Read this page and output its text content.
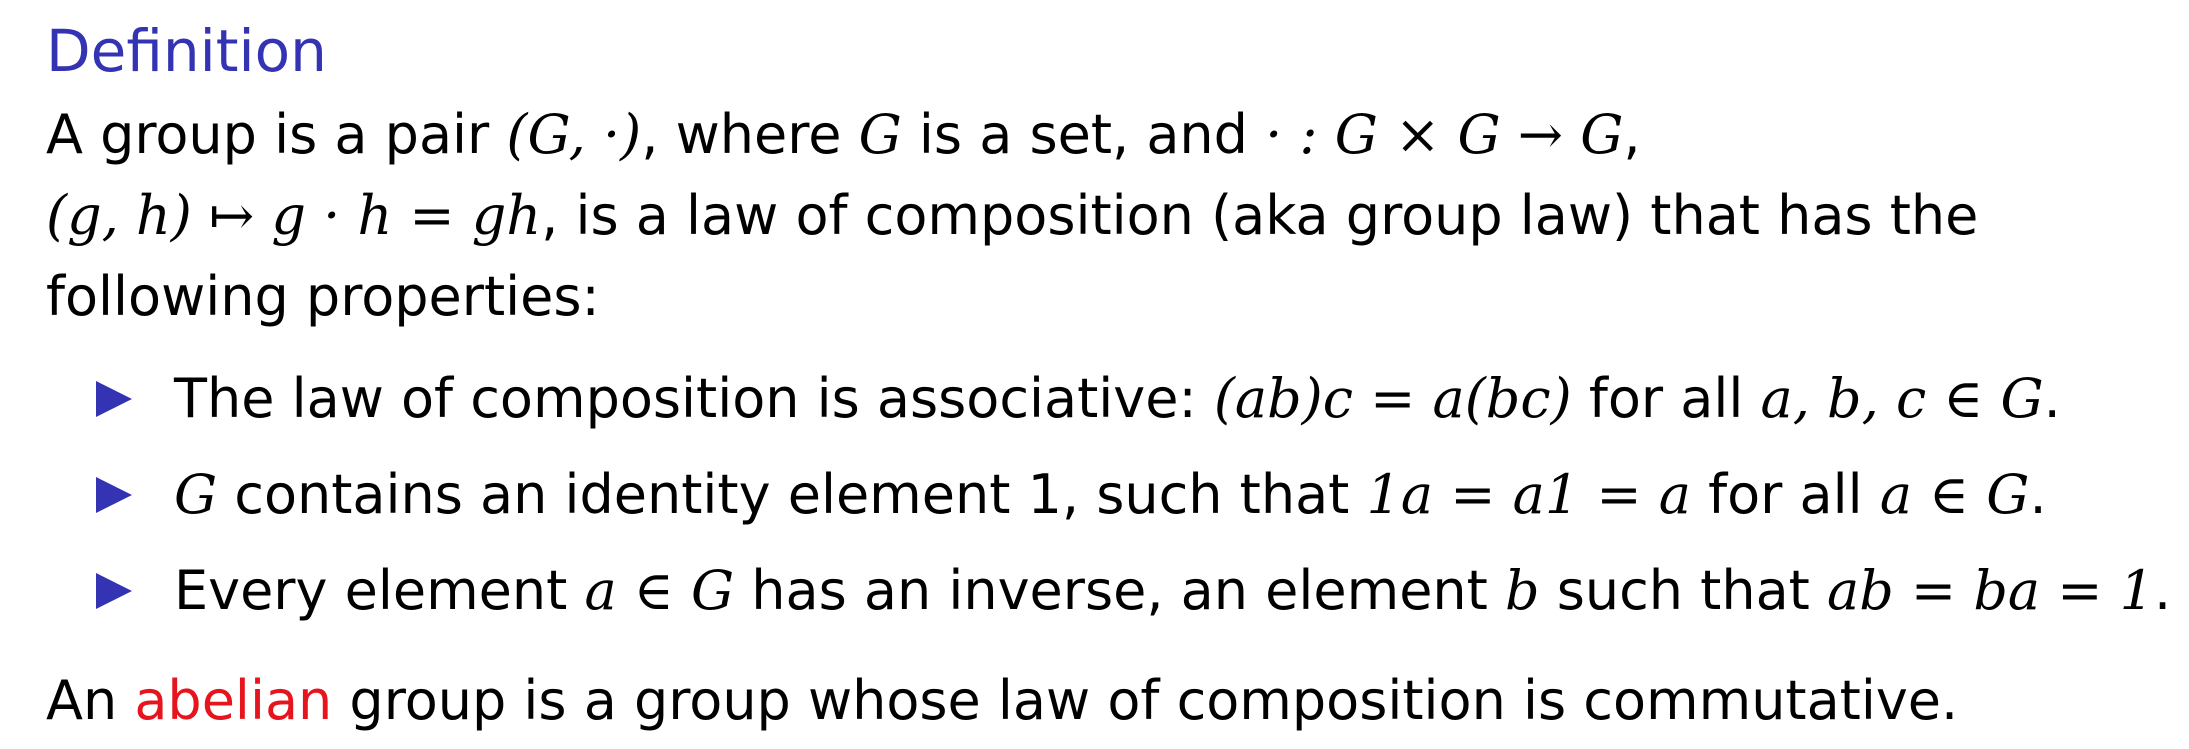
Definition
A group is a pair (G, ·), where G is a set, and · : G × G → G,
(g, h) ↦ g · h = gh, is a law of composition (aka group law) that has the
following properties:
The law of composition is associative: (ab)c = a(bc) for all a, b, c ∈ G.
G contains an identity element 1, such that 1a = a1 = a for all a ∈ G.
Every element a ∈ G has an inverse, an element b such that ab = ba = 1.
An abelian group is a group whose law of composition is commutative.
